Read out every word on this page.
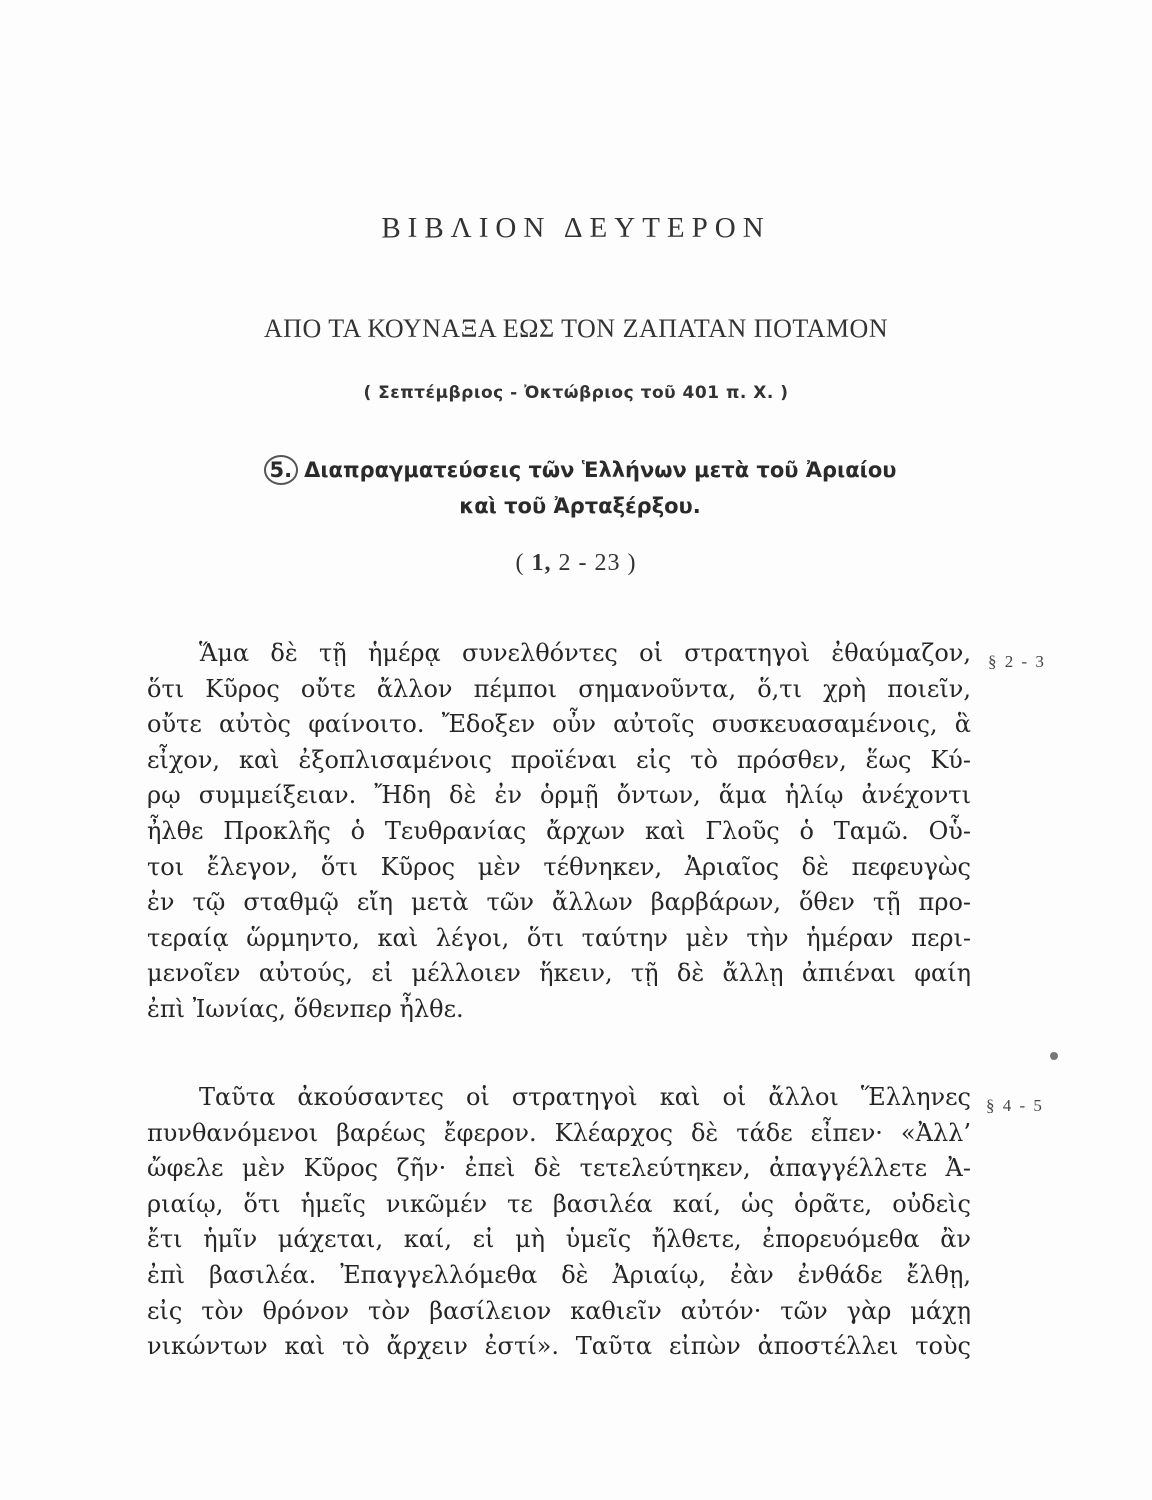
ΒΙΒΛΙΟΝ ΔΕΥΤΕΡΟΝ
ΑΠΟ ΤΑ ΚΟΥΝΑΞΑ ΕΩΣ ΤΟΝ ΖΑΠΑΤΑΝ ΠΟΤΑΜΟΝ
( Σεπτέμβριος - Ὀκτώβριος τοῦ 401 π. Χ. )
5. Διαπραγματεύσεις τῶν Ἑλλήνων μετὰ τοῦ Ἀριαίου
καὶ τοῦ Ἀρταξέρξου.
( 1, 2 - 23 )
Ἅμα δὲ τῇ ἡμέρᾳ συνελθόντες οἱ στρατηγοὶ ἐθαύμαζον,
ὅτι Κῦρος οὔτε ἄλλον πέμποι σημανοῦντα, ὅ,τι χρὴ ποιεῖν,
οὔτε αὐτὸς φαίνοιτο. Ἔδοξεν οὖν αὐτοῖς συσκευασαμένοις, ἃ
εἶχον, καὶ ἐξοπλισαμένοις προϊέναι εἰς τὸ πρόσθεν, ἕως Κύ-
ρῳ συμμείξειαν. Ἤδη δὲ ἐν ὁρμῇ ὄντων, ἅμα ἡλίῳ ἀνέχοντι
ἦλθε Προκλῆς ὁ Τευθρανίας ἄρχων καὶ Γλοῦς ὁ Ταμῶ. Οὗ-
τοι ἔλεγον, ὅτι Κῦρος μὲν τέθνηκεν, Ἀριαῖος δὲ πεφευγὼς
ἐν τῷ σταθμῷ εἴη μετὰ τῶν ἄλλων βαρβάρων, ὅθεν τῇ προ-
τεραίᾳ ὥρμηντο, καὶ λέγοι, ὅτι ταύτην μὲν τὴν ἡμέραν περι-
μενοῖεν αὐτούς, εἰ μέλλοιεν ἥκειν, τῇ δὲ ἄλλῃ ἀπιέναι φαίη
ἐπὶ Ἰωνίας, ὅθενπερ ἦλθε.
Ταῦτα ἀκούσαντες οἱ στρατηγοὶ καὶ οἱ ἄλλοι Ἕλληνες
πυνθανόμενοι βαρέως ἔφερον. Κλέαρχος δὲ τάδε εἶπεν· «Ἀλλ’
ὤφελε μὲν Κῦρος ζῆν· ἐπεὶ δὲ τετελεύτηκεν, ἀπαγγέλλετε Ἀ-
ριαίῳ, ὅτι ἡμεῖς νικῶμέν τε βασιλέα καί, ὡς ὁρᾶτε, οὐδεὶς
ἔτι ἡμῖν μάχεται, καί, εἰ μὴ ὑμεῖς ἤλθετε, ἐπορευόμεθα ἂν
ἐπὶ βασιλέα. Ἐπαγγελλόμεθα δὲ Ἀριαίῳ, ἐὰν ἐνθάδε ἔλθῃ,
εἰς τὸν θρόνον τὸν βασίλειον καθιεῖν αὐτόν· τῶν γὰρ μάχῃ
νικώντων καὶ τὸ ἄρχειν ἐστί». Ταῦτα εἰπὼν ἀποστέλλει τοὺς
§ 2 - 3
§ 4 - 5
